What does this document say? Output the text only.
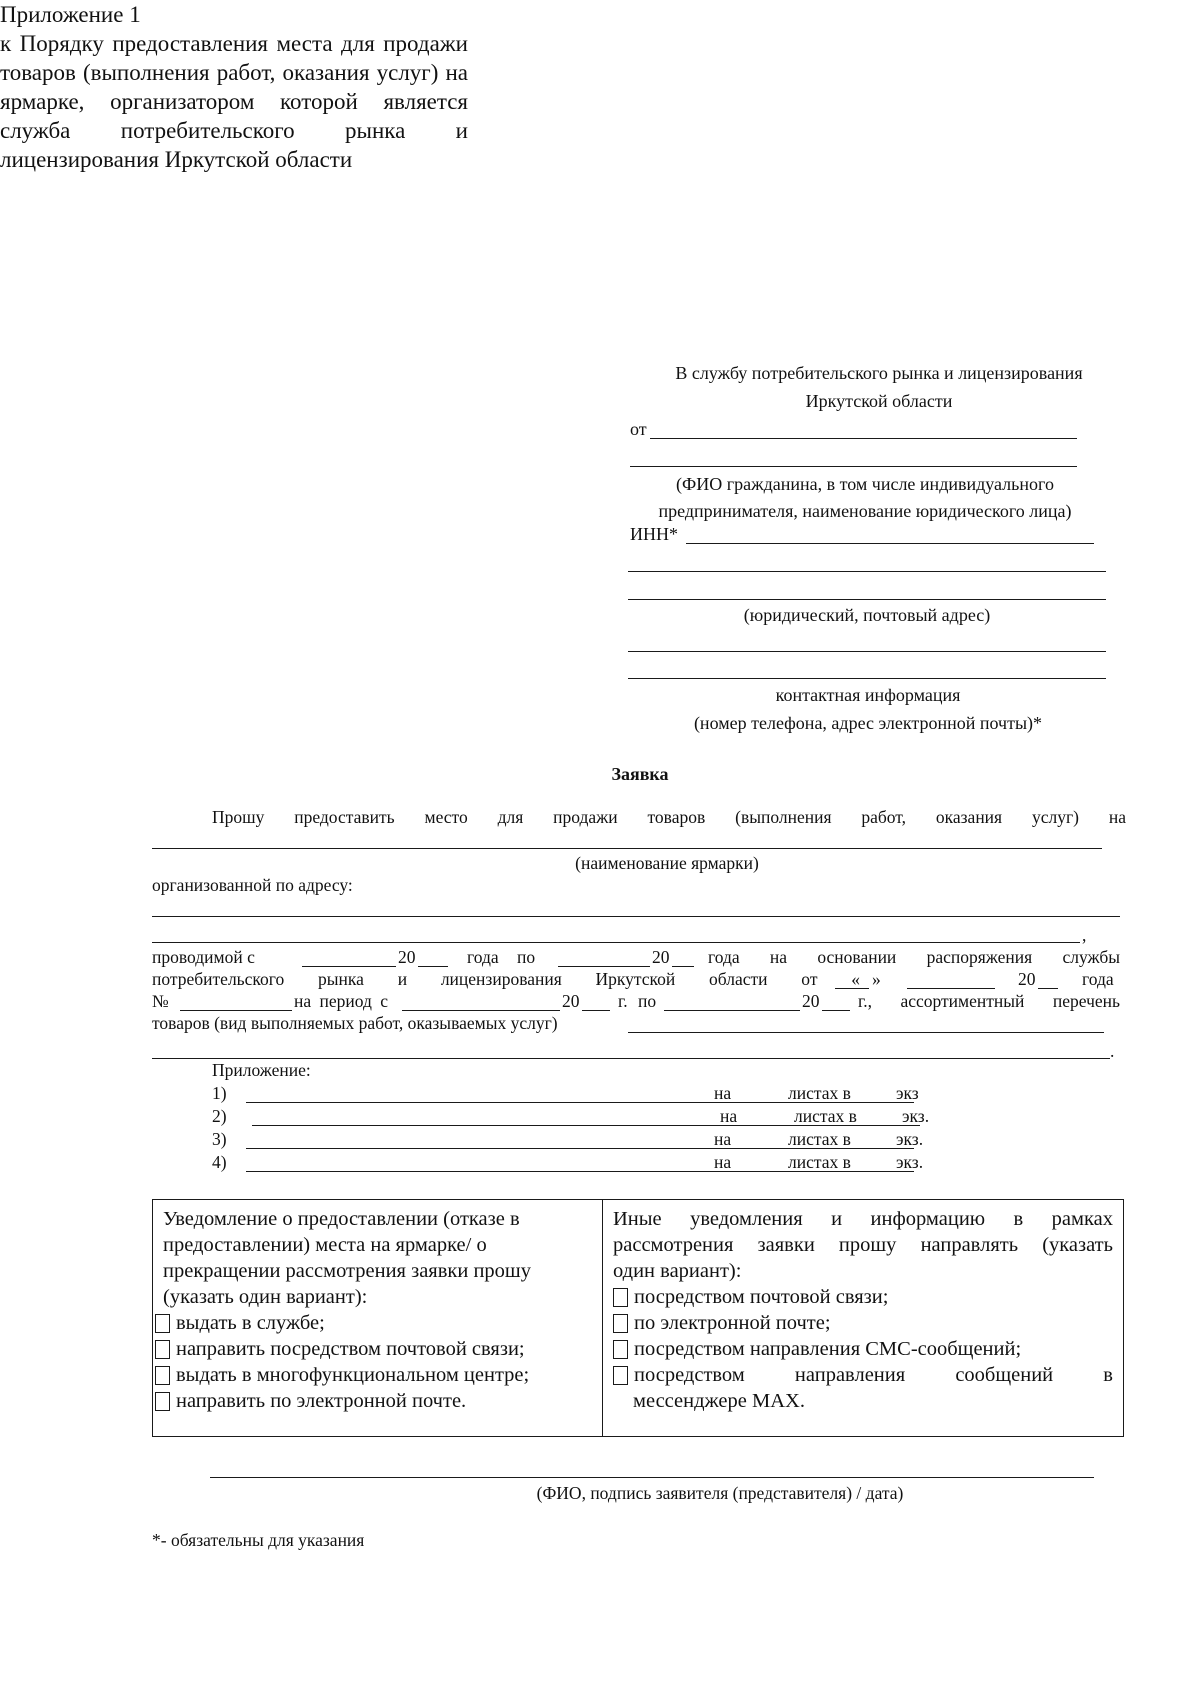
Приложение 1
к Порядку предоставления места для продажи товаров (выполнения работ, оказания услуг) на ярмарке, организатором которой является служба потребительского рынка и лицензирования Иркутской области
В службу потребительского рынка и лицензирования
Иркутской области
от
(ФИО гражданина, в том числе индивидуального
предпринимателя, наименование юридического лица)
ИНН*
(юридический, почтовый адрес)
контактная информация
(номер телефона, адрес электронной почты)*
Заявка
Прошу предоставить место для продажи товаров (выполнения работ, оказания услуг) на
(наименование ярмарки)
организованной по адресу:
,
проводимой с	20	года по	20 года на основании распоряжения службы
потребительского рынка и лицензирования Иркутской области от « »	20	года
№	на период с	20 г. по	20 г., ассортиментный перечень
товаров (вид выполняемых работ, оказываемых услуг)
.
Приложение:
1)	на	листах в	экз
2)	на	листах в	экз.
3)	на	листах в	экз.
4)	на	листах в	экз.
Уведомление о предоставлении (отказе в
предоставлении) места на ярмарке/ о
прекращении рассмотрения заявки прошу
(указать один вариант):
выдать в службе;
направить посредством почтовой связи;
выдать в многофункциональном центре;
направить по электронной почте.
Иные уведомления и информацию в рамках
рассмотрения заявки прошу направлять (указать
один вариант):
посредством почтовой связи;
по электронной почте;
посредством направления СМС-сообщений;
посредством направления сообщений в
мессенджере MAX.
(ФИО, подпись заявителя (представителя) / дата)
*- обязательны для указания
